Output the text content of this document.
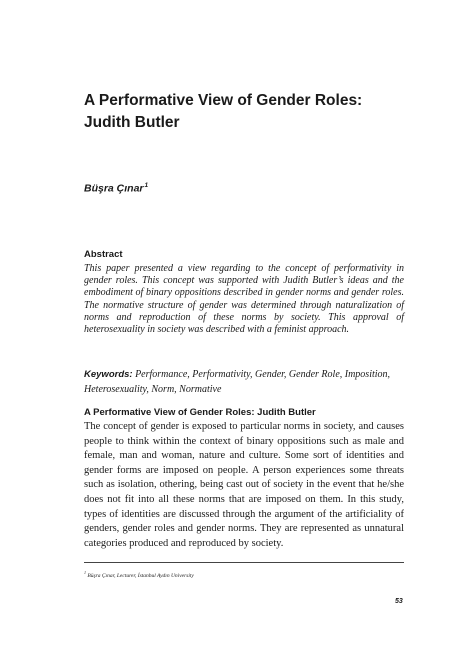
A Performative View of Gender Roles: Judith Butler
Büşra Çınar$^1$
Abstract

This paper presented a view regarding to the concept of performativity in gender roles. This concept was supported with Judith Butler’s ideas and the embodiment of binary oppositions described in gender norms and gender roles. The normative structure of gender was determined through naturalization of norms and reproduction of these norms by society. This approval of heterosexuality in society was described with a feminist approach.

Keywords: Performance, Performativity, Gender, Gender Role, Imposition, Heterosexuality, Norm, Normative

A Performative View of Gender Roles: Judith Butler

The concept of gender is exposed to particular norms in society, and causes people to think within the context of binary oppositions such as male and female, man and woman, nature and culture. Some sort of identities and gender forms are imposed on people. A person experiences some threats such as isolation, othering, being cast out of society in the event that he/she does not fit into all these norms that are imposed on them. In this study, types of identities are discussed through the argument of the artificiality of genders, gender roles and gender norms. They are represented as unnatural categories produced and reproduced by society.

$^1$ Büşra Çınar, Lecturer, İstanbul Aydın University
53
